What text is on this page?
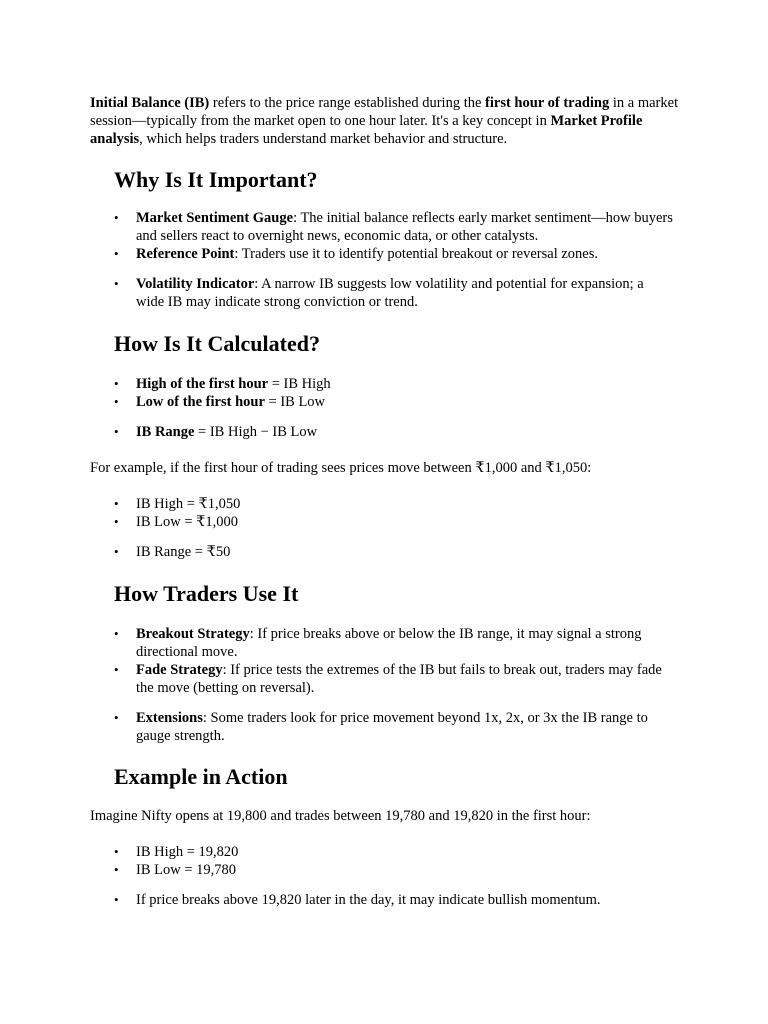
Initial Balance (IB) refers to the price range established during the first hour of trading in a market session—typically from the market open to one hour later. It's a key concept in Market Profile analysis, which helps traders understand market behavior and structure.

Why Is It Important?
• Market Sentiment Gauge: The initial balance reflects early market sentiment—how buyers and sellers react to overnight news, economic data, or other catalysts.
• Reference Point: Traders use it to identify potential breakout or reversal zones.
• Volatility Indicator: A narrow IB suggests low volatility and potential for expansion; a wide IB may indicate strong conviction or trend.
How Is It Calculated?
• High of the first hour = IB High
• Low of the first hour = IB Low
• IB Range = IB High − IB Low

For example, if the first hour of trading sees prices move between ₹1,000 and ₹1,050:

• IB High = ₹1,050
• IB Low = ₹1,000
• IB Range = ₹50
How Traders Use It
• Breakout Strategy: If price breaks above or below the IB range, it may signal a strong directional move.
• Fade Strategy: If price tests the extremes of the IB but fails to break out, traders may fade the move (betting on reversal).
• Extensions: Some traders look for price movement beyond 1x, 2x, or 3x the IB range to gauge strength.
Example in Action

Imagine Nifty opens at 19,800 and trades between 19,780 and 19,820 in the first hour:

• IB High = 19,820
• IB Low = 19,780
• If price breaks above 19,820 later in the day, it may indicate bullish momentum.
